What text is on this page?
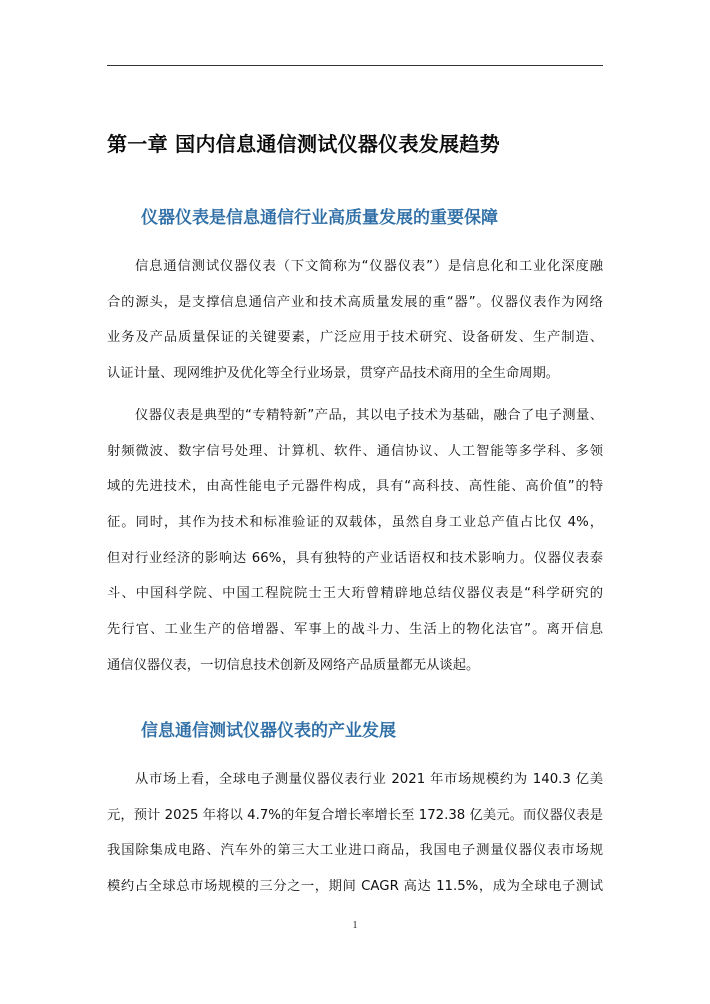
第一章 国内信息通信测试仪器仪表发展趋势
仪器仪表是信息通信行业高质量发展的重要保障
信息通信测试仪器仪表（下文简称为“仪器仪表”）是信息化和工业化深度融
合的源头，是支撑信息通信产业和技术高质量发展的重“器”。仪器仪表作为网络
业务及产品质量保证的关键要素，广泛应用于技术研究、设备研发、生产制造、
认证计量、现网维护及优化等全行业场景，贯穿产品技术商用的全生命周期。
仪器仪表是典型的“专精特新”产品，其以电子技术为基础，融合了电子测量、
射频微波、数字信号处理、计算机、软件、通信协议、人工智能等多学科、多领
域的先进技术，由高性能电子元器件构成，具有“高科技、高性能、高价值”的特
征。同时，其作为技术和标准验证的双载体，虽然自身工业总产值占比仅 4%，
但对行业经济的影响达 66%，具有独特的产业话语权和技术影响力。仪器仪表泰
斗、中国科学院、中国工程院院士王大珩曾精辟地总结仪器仪表是“科学研究的
先行官、工业生产的倍增器、军事上的战斗力、生活上的物化法官”。离开信息
通信仪器仪表，一切信息技术创新及网络产品质量都无从谈起。
信息通信测试仪器仪表的产业发展
从市场上看，全球电子测量仪器仪表行业 2021 年市场规模约为 140.3 亿美
元，预计 2025 年将以 4.7%的年复合增长率增长至 172.38 亿美元。而仪器仪表是
我国除集成电路、汽车外的第三大工业进口商品，我国电子测量仪器仪表市场规
模约占全球总市场规模的三分之一，期间 CAGR 高达 11.5%，成为全球电子测试
1
